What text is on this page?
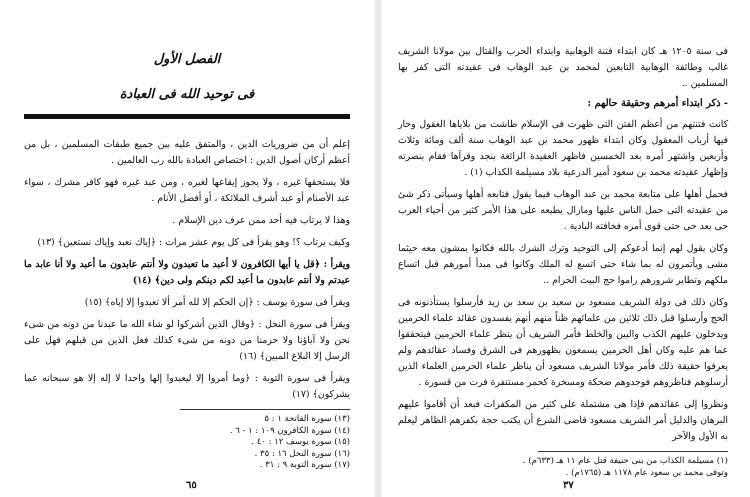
الفصل الأول
فى توحيد الله فى العبادة

إعلم أن من ضروريات الدين ، والمتفق عليه بين جميع طبقات المسلمين ، بل من أعظم أركان أصول الدين : اختصاص العبادة بالله رب العالمين .

فلا يستحقها غيره ، ولا يجوز إيقاعها لغيره ، ومن عبد غيره فهو كافر مشرك ، سواء عبد الأصنام أو عبد أشرف الملائكة ، أو أفضل الأنام .

وهذا لا يرتاب فيه أحد ممن عرف دين الإسلام .

وكيف يرتاب ؟! وهو يقرأ فى كل يوم عشر مرات : ﴿إياك نعبد وإياك نستعين﴾ (١٣)

ويقرأ : ﴿قل يا أيها الكافرون لا أعبد ما تعبدون ولا أنتم عابدون ما أعبد ولا أنا عابد ما عبدتم ولا أنتم عابدون ما أعبد لكم دينكم ولى دين﴾ (١٤)

ويقرأ فى سورة يوسف : ﴿إن الحكم إلا لله أمر ألا تعبدوا إلا إياه﴾ (١٥)

ويقرأ فى سورة النحل : ﴿وقال الذين أشركوا لو شاء الله ما عبدنا من دونه من شىء نحن ولا آباؤنا ولا حرمنا من دونه من شىء كذلك فعل الذين من قبلهم فهل على الرسل إلا البلاغ المبين﴾ (١٦)

ويقرأ فى سورة التوبة : ﴿وما أمروا إلا ليعبدوا إلها واحدا لا إله إلا هو سبحانه عما يشركون﴾ (١٧)

(١٣) سورة الفاتحة ١ : ٥
(١٤) سورة الكافرون ١٠٩ : ١ - ٦ .
(١٥) سورة يوسف ١٢ : ٤٠ .
(١٦) سورة النحل ١٦ : ٣٥ .
(١٧) سورة التوبة ٩ : ٣١ .
٦٥

فى سنة ١٢٠٥ هـ كان ابتداء فتنة الوهابية وابتداء الحرب والقتال بين مولانا الشريف غالب وطائفة الوهابية التابعين لمحمد بن عبد الوهاب فى عقيدته التى كفر بها المسلمين ..

- ذكر ابتداء أمرهم وحقيقة حالهم :

كانت فتنتهم من أعظم الفتن التى ظهرت فى الإسلام طاشت من بلاياها العقول وحار فيها أرباب المعقول وكان ابتداء ظهور محمد بن عبد الوهاب سنة ألف ومائة وثلاث وأربعين واشتهر أمره بعد الخمسين فاظهر العقيدة الزائغة بنجد وقرآها فقام بنصرته وإظهار عقيدته محمد بن سعود أمير الدرعية بلاد مسيلمة الكذاب (١) .

فحمل أهلها على متابعة محمد بن عبد الوهاب فيما يقول فتابعه أهلها وسيأتى ذكر شئ من عقيدته التى حمل الناس عليها ومازال يطيعه على هذا الأمر كثير من أحياء العرب حى بعد حى حتى قوى أمره فخافته البادية .

وكان يقول لهم إنما أدعوكم إلى التوحيد وترك الشرك بالله فكانوا يمشون معه حيثما مشى ويأتمرون له بما شاء حتى اتسع له الملك وكانوا فى مبدأ أمورهم قبل اتساع ملكهم وتطاير شرورهم راموا حج البيت الحرام ..

وكان ذلك فى دولة الشريف مسعود بن سعيد بن سعد بن زيد فأرسلوا يستأذنونه فى الحج وأرسلوا قبل ذلك ثلاثين من علمائهم ظناً منهم أنهم يفسدون عقائد علماء الحرمين ويدخلون عليهم الكذب والبين والخلط فأمر الشريف أن ينظر علماء الحرمين فيتحققوا عما هم عليه وكان أهل الحرمين يسمعون بظهورهم فى الشرق وفساد عقائدهم ولم يعرفوا حقيقة ذلك فأمر مولانا الشريف مسعود أن يناظر علماء الحرمين العلماء الذين أرسلوهم فناظروهم فوجدوهم ضحكة ومسخرة كحمر مستنفرة فرت من قسورة .

ونظروا إلى عقائدهم فإذا هى مشتملة على كثير من المكفرات فبعد أن أقاموا عليهم البرهان والدليل أمر الشريف مسعود قاضى الشرع أن يكتب حجة بكفرهم الظاهر ليعلم به الأول والآخر

(١) مسيلمة الكذاب من بنى حنيفة قتل عام ١١ هـ (٦٣٣م) .
وتوفى محمد بن سعود عام ١١٧٨ هـ (١٧٦٥م) .
٣٧
